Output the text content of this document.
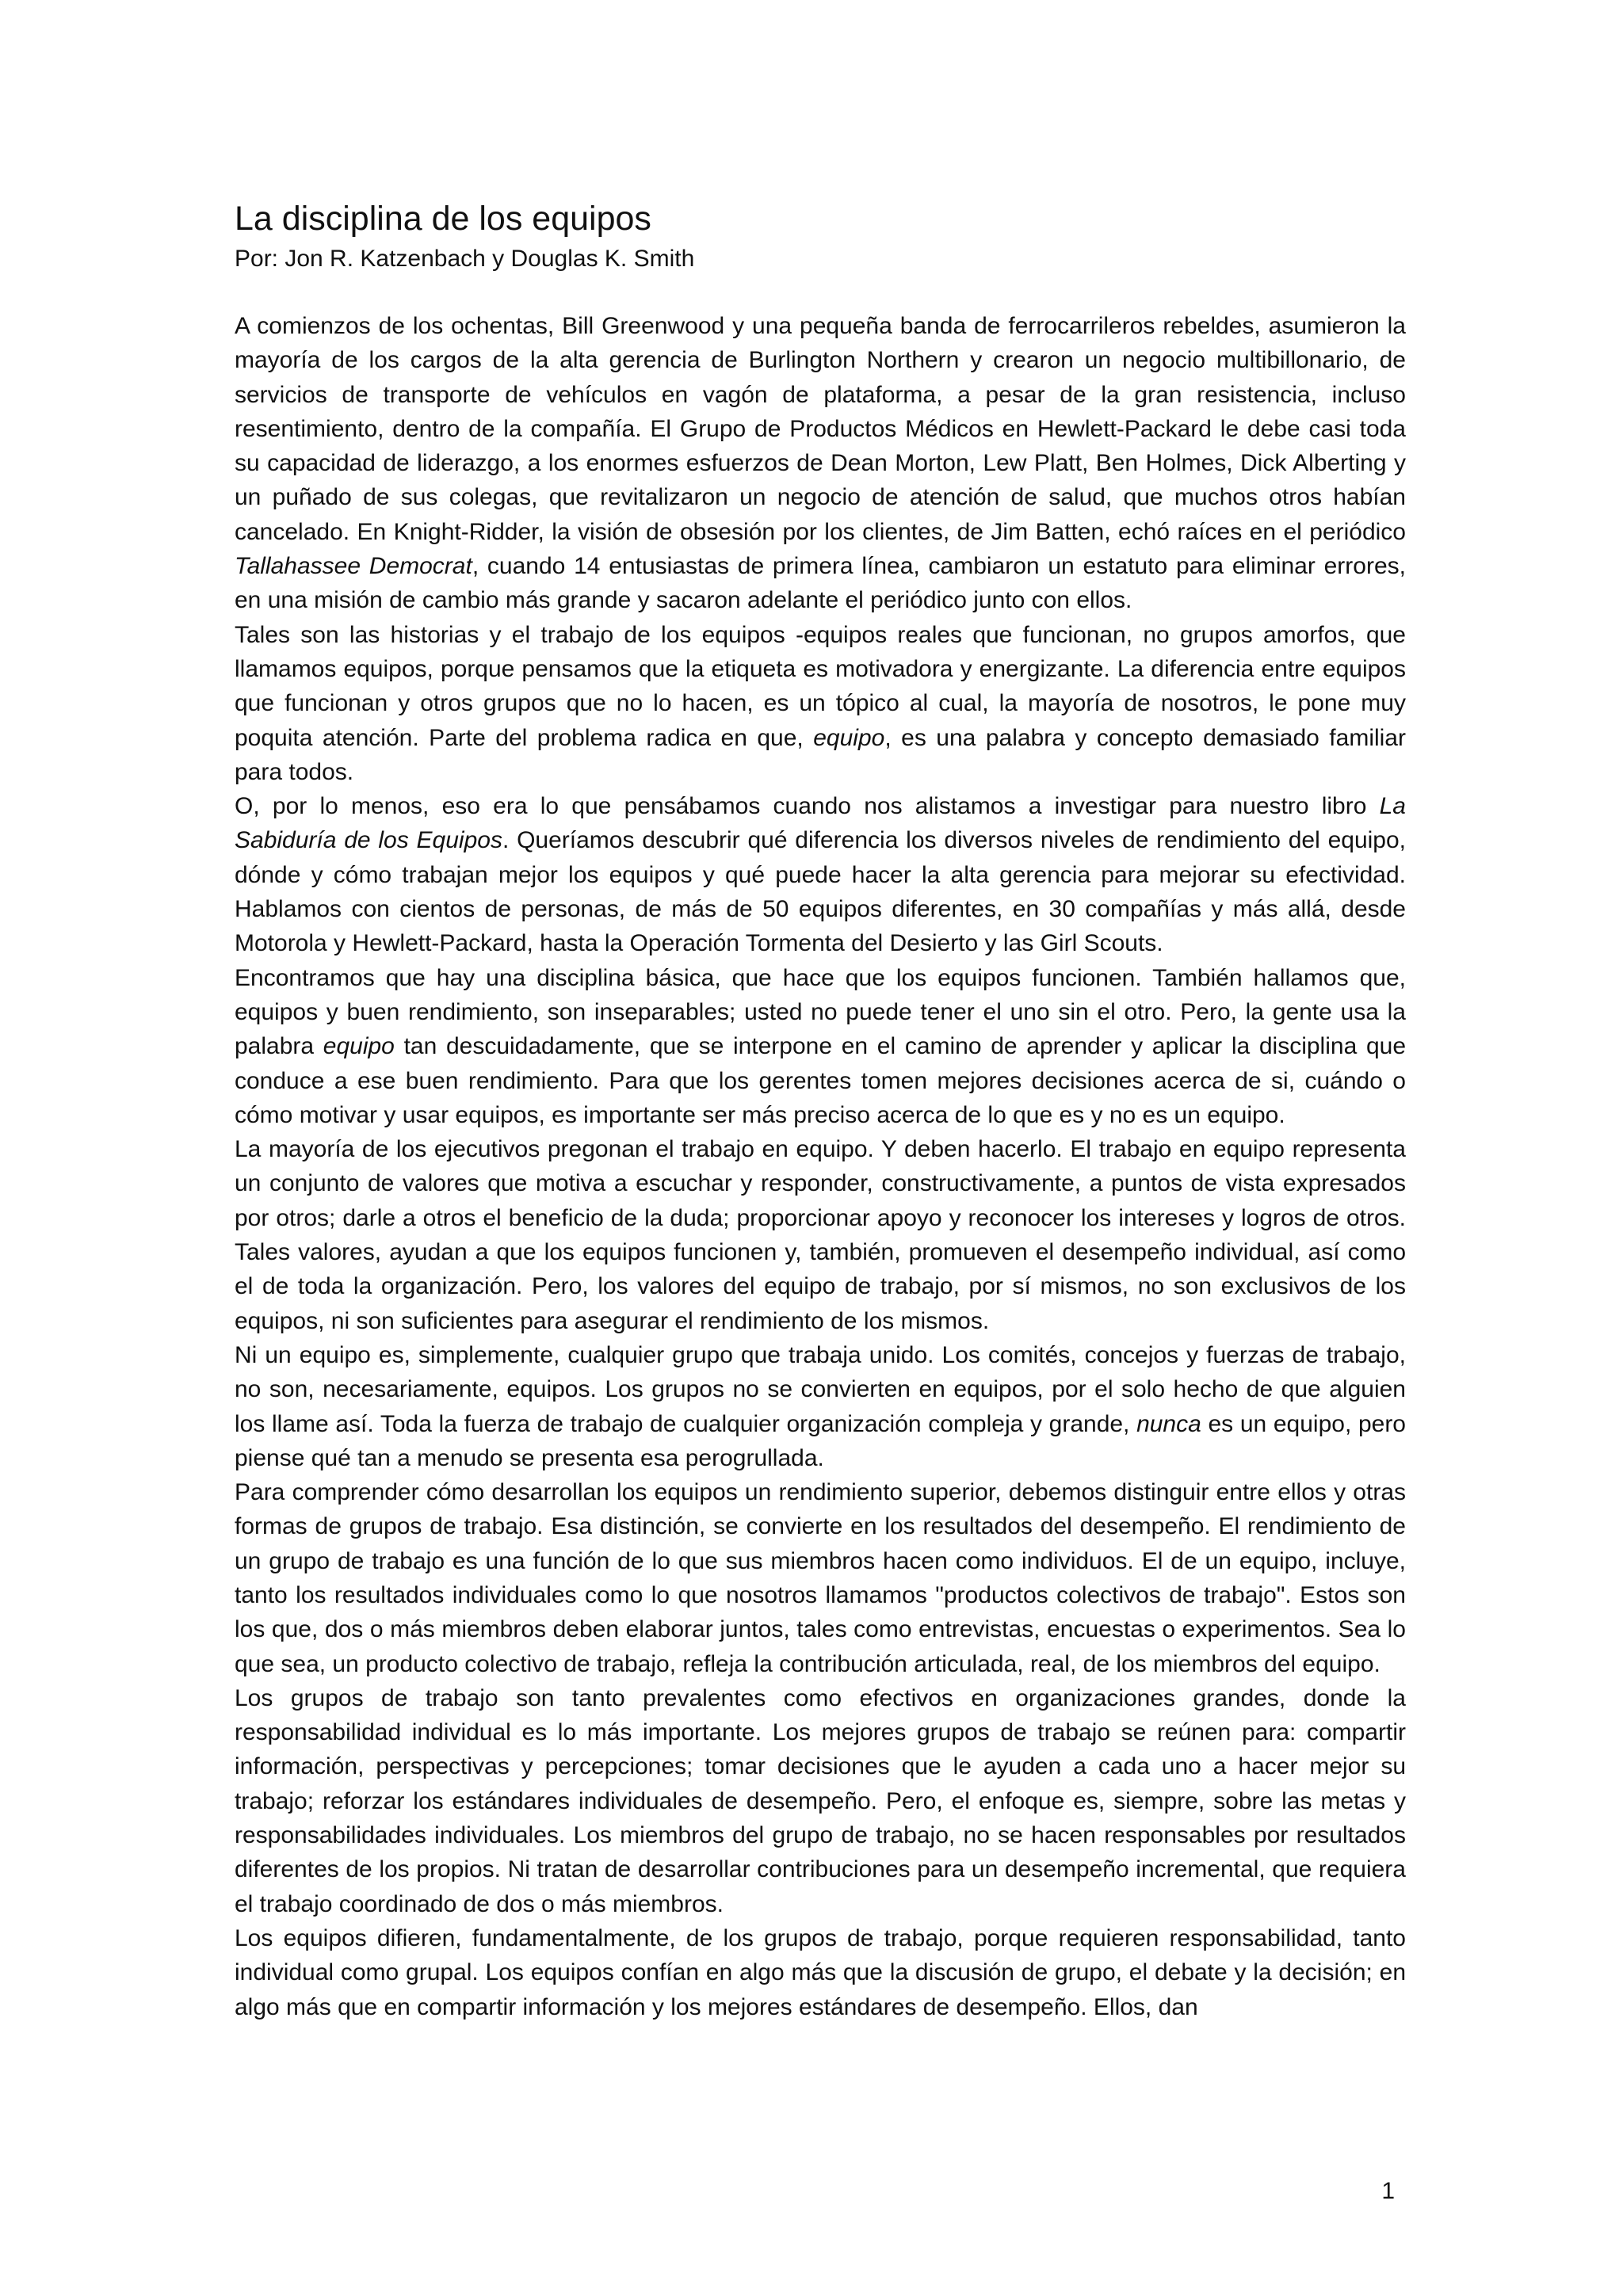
La disciplina de los equipos

Por: Jon R. Katzenbach y Douglas K. Smith

A comienzos de los ochentas, Bill Greenwood y una pequeña banda de ferrocarrileros rebeldes, asumieron la mayoría de los cargos de la alta gerencia de Burlington Northern y crearon un negocio multibillonario, de servicios de transporte de vehículos en vagón de plataforma, a pesar de la gran resistencia, incluso resentimiento, dentro de la compañía. El Grupo de Productos Médicos en Hewlett-Packard le debe casi toda su capacidad de liderazgo, a los enormes esfuerzos de Dean Morton, Lew Platt, Ben Holmes, Dick Alberting y un puñado de sus colegas, que revitalizaron un negocio de atención de salud, que muchos otros habían cancelado. En Knight-Ridder, la visión de obsesión por los clientes, de Jim Batten, echó raíces en el periódico Tallahassee Democrat, cuando 14 entusiastas de primera línea, cambiaron un estatuto para eliminar errores, en una misión de cambio más grande y sacaron adelante el periódico junto con ellos.

Tales son las historias y el trabajo de los equipos -equipos reales que funcionan, no grupos amorfos, que llamamos equipos, porque pensamos que la etiqueta es motivadora y energizante. La diferencia entre equipos que funcionan y otros grupos que no lo hacen, es un tópico al cual, la mayoría de nosotros, le pone muy poquita atención. Parte del problema radica en que, equipo, es una palabra y concepto demasiado familiar para todos.

O, por lo menos, eso era lo que pensábamos cuando nos alistamos a investigar para nuestro libro La Sabiduría de los Equipos. Queríamos descubrir qué diferencia los diversos niveles de rendimiento del equipo, dónde y cómo trabajan mejor los equipos y qué puede hacer la alta gerencia para mejorar su efectividad. Hablamos con cientos de personas, de más de 50 equipos diferentes, en 30 compañías y más allá, desde Motorola y Hewlett-Packard, hasta la Operación Tormenta del Desierto y las Girl Scouts.

Encontramos que hay una disciplina básica, que hace que los equipos funcionen. También hallamos que, equipos y buen rendimiento, son inseparables; usted no puede tener el uno sin el otro. Pero, la gente usa la palabra equipo tan descuidadamente, que se interpone en el camino de aprender y aplicar la disciplina que conduce a ese buen rendimiento. Para que los gerentes tomen mejores decisiones acerca de si, cuándo o cómo motivar y usar equipos, es importante ser más preciso acerca de lo que es y no es un equipo.

La mayoría de los ejecutivos pregonan el trabajo en equipo. Y deben hacerlo. El trabajo en equipo representa un conjunto de valores que motiva a escuchar y responder, constructivamente, a puntos de vista expresados por otros; darle a otros el beneficio de la duda; proporcionar apoyo y reconocer los intereses y logros de otros. Tales valores, ayudan a que los equipos funcionen y, también, promueven el desempeño individual, así como el de toda la organización. Pero, los valores del equipo de trabajo, por sí mismos, no son exclusivos de los equipos, ni son suficientes para asegurar el rendimiento de los mismos.

Ni un equipo es, simplemente, cualquier grupo que trabaja unido. Los comités, concejos y fuerzas de trabajo, no son, necesariamente, equipos. Los grupos no se convierten en equipos, por el solo hecho de que alguien los llame así. Toda la fuerza de trabajo de cualquier organización compleja y grande, nunca es un equipo, pero piense qué tan a menudo se presenta esa perogrullada.

Para comprender cómo desarrollan los equipos un rendimiento superior, debemos distinguir entre ellos y otras formas de grupos de trabajo. Esa distinción, se convierte en los resultados del desempeño. El rendimiento de un grupo de trabajo es una función de lo que sus miembros hacen como individuos. El de un equipo, incluye, tanto los resultados individuales como lo que nosotros llamamos "productos colectivos de trabajo". Estos son los que, dos o más miembros deben elaborar juntos, tales como entrevistas, encuestas o experimentos. Sea lo que sea, un producto colectivo de trabajo, refleja la contribución articulada, real, de los miembros del equipo.

Los grupos de trabajo son tanto prevalentes como efectivos en organizaciones grandes, donde la responsabilidad individual es lo más importante. Los mejores grupos de trabajo se reúnen para: compartir información, perspectivas y percepciones; tomar decisiones que le ayuden a cada uno a hacer mejor su trabajo; reforzar los estándares individuales de desempeño. Pero, el enfoque es, siempre, sobre las metas y responsabilidades individuales. Los miembros del grupo de trabajo, no se hacen responsables por resultados diferentes de los propios. Ni tratan de desarrollar contribuciones para un desempeño incremental, que requiera el trabajo coordinado de dos o más miembros.

Los equipos difieren, fundamentalmente, de los grupos de trabajo, porque requieren responsabilidad, tanto individual como grupal. Los equipos confían en algo más que la discusión de grupo, el debate y la decisión; en algo más que en compartir información y los mejores estándares de desempeño. Ellos, dan

1
